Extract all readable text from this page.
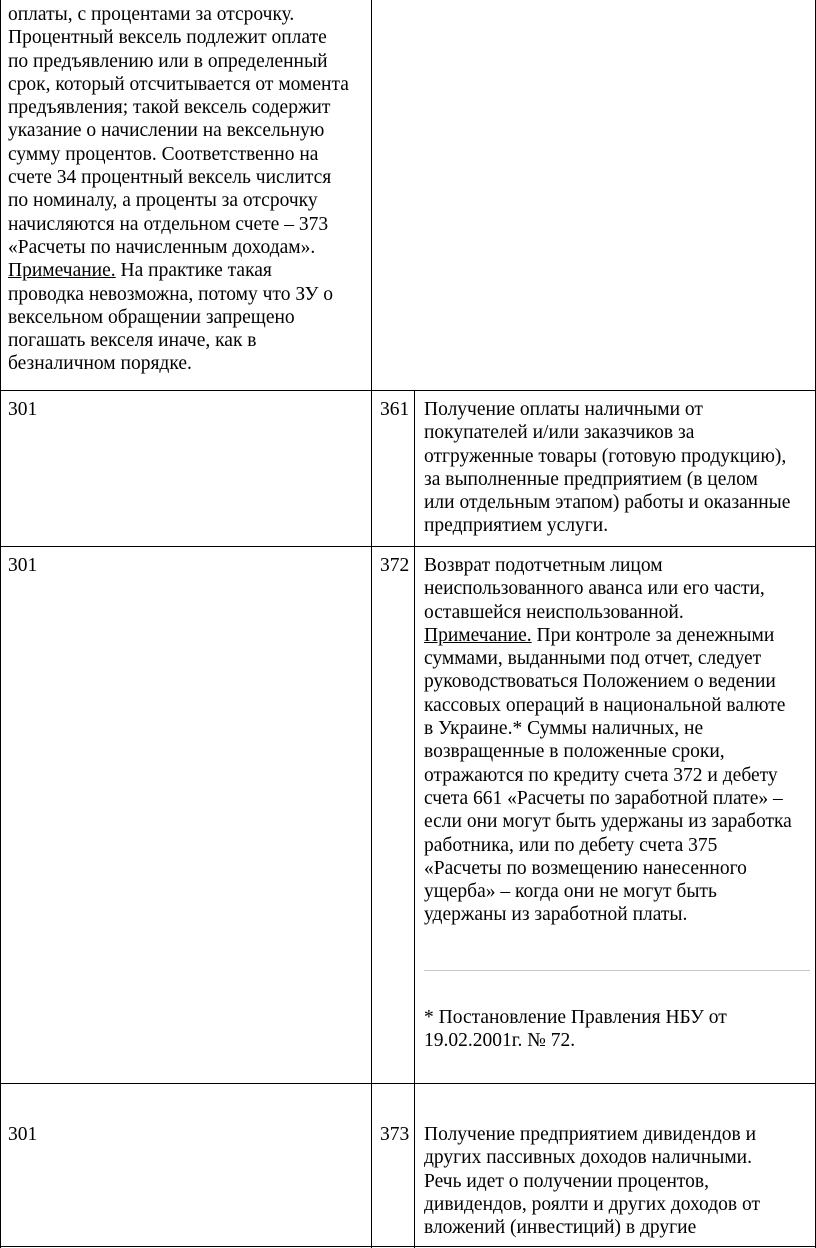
оплаты, с процентами за отсрочку.
Процентный вексель подлежит оплате
по предъявлению или в определенный
срок, который отсчитывается от момента
предъявления; такой вексель содержит
указание о начислении на вексельную
сумму процентов. Соответственно на
счете 34 процентный вексель числится
по номиналу, а проценты за отсрочку
начисляются на отдельном счете – 373
«Расчеты по начисленным доходам».
Примечание. На практике такая
проводка невозможна, потому что ЗУ о
вексельном обращении запрещено
погашать векселя иначе, как в
безналичном порядке.
301	361 Получение оплаты наличными от
покупателей и/или заказчиков за
отгруженные товары (готовую продукцию),
за выполненные предприятием (в целом
или отдельным этапом) работы и оказанные
предприятием услуги.
301	372 Возврат подотчетным лицом
неиспользованного аванса или его части,
оставшейся неиспользованной.
Примечание. При контроле за денежными
суммами, выданными под отчет, следует
руководствоваться Положением о ведении
кассовых операций в национальной валюте
в Украине.* Суммы наличных, не
возвращенные в положенные сроки,
отражаются по кредиту счета 372 и дебету
счета 661 «Расчеты по заработной плате» –
если они могут быть удержаны из заработка
работника, или по дебету счета 375
«Расчеты по возмещению нанесенного
ущерба» – когда они не могут быть
удержаны из заработной платы.
* Постановление Правления НБУ от
19.02.2001г. № 72.
301	373 Получение предприятием дивидендов и
других пассивных доходов наличными.
Речь идет о получении процентов,
дивидендов, роялти и других доходов от
вложений (инвестиций) в другие
